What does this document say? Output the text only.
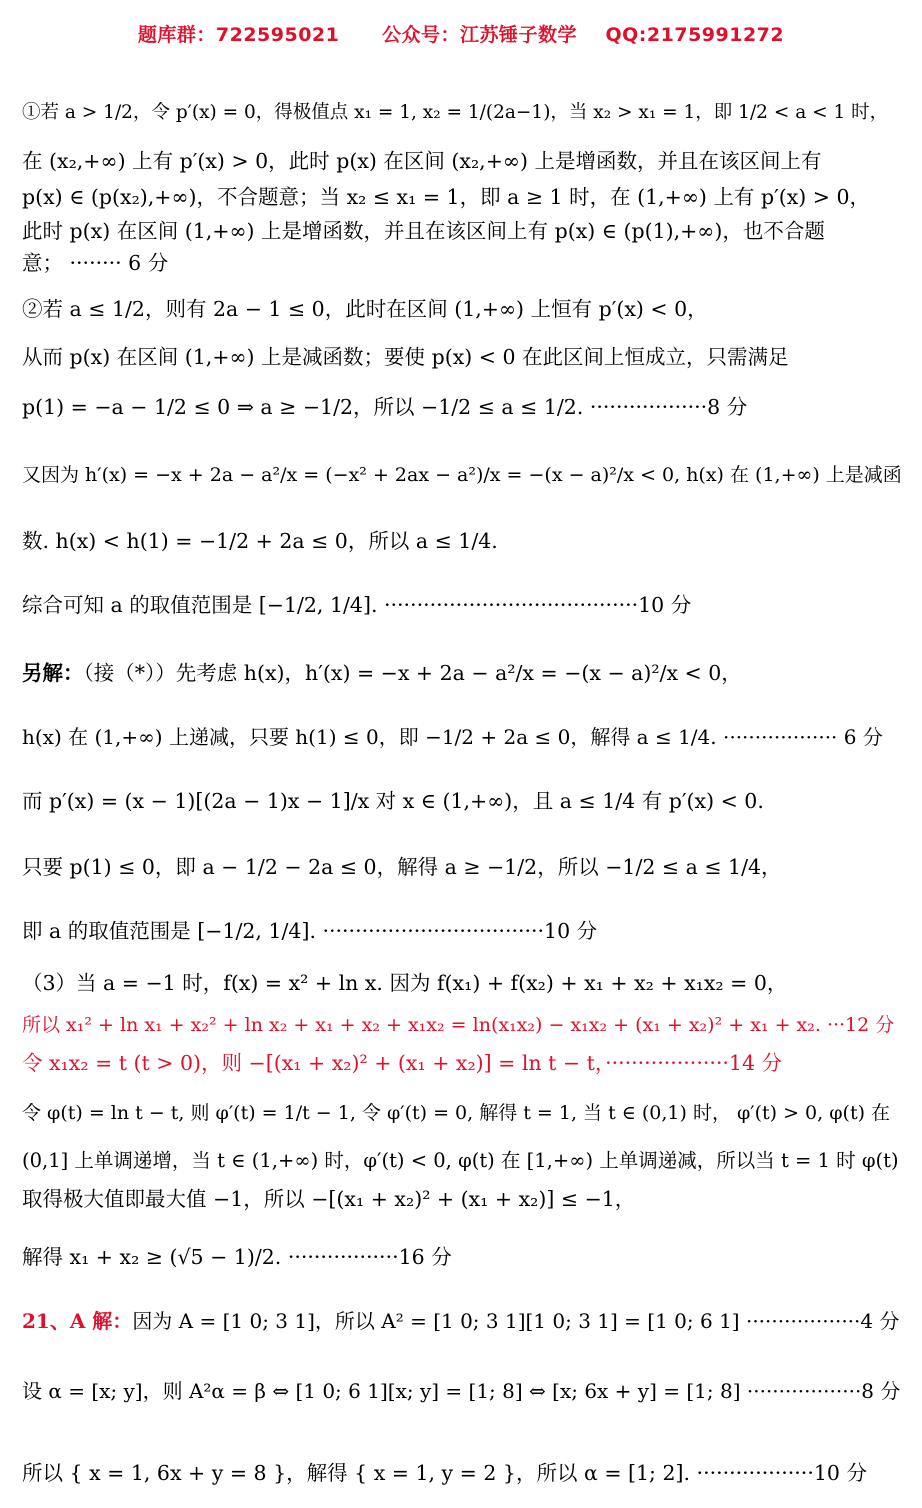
题库群：722595021      公众号：江苏锤子数学    QQ:2175991272
①若 a > 1/2，令 p′(x) = 0，得极值点 x₁ = 1, x₂ = 1/(2a−1)，当 x₂ > x₁ = 1，即 1/2 < a < 1 时，
在 (x₂,+∞) 上有 p′(x) > 0，此时 p(x) 在区间 (x₂,+∞) 上是增函数，并且在该区间上有
p(x) ∈ (p(x₂),+∞)，不合题意；当 x₂ ≤ x₁ = 1，即 a ≥ 1 时，在 (1,+∞) 上有 p′(x) > 0，
此时 p(x) 在区间 (1,+∞) 上是增函数，并且在该区间上有 p(x) ∈ (p(1),+∞)，也不合题
意； ········ 6 分
②若 a ≤ 1/2，则有 2a − 1 ≤ 0，此时在区间 (1,+∞) 上恒有 p′(x) < 0，
从而 p(x) 在区间 (1,+∞) 上是减函数；要使 p(x) < 0 在此区间上恒成立，只需满足
p(1) = −a − 1/2 ≤ 0 ⇒ a ≥ −1/2，所以 −1/2 ≤ a ≤ 1/2. ··················8 分
又因为 h′(x) = −x + 2a − a²/x = (−x² + 2ax − a²)/x = −(x − a)²/x < 0, h(x) 在 (1,+∞) 上是减函
数. h(x) < h(1) = −1/2 + 2a ≤ 0，所以 a ≤ 1/4.
综合可知 a 的取值范围是 [−1/2, 1/4]. ·······································10 分
另解：（接（*））先考虑 h(x)，h′(x) = −x + 2a − a²/x = −(x − a)²/x < 0，
h(x) 在 (1,+∞) 上递减，只要 h(1) ≤ 0，即 −1/2 + 2a ≤ 0，解得 a ≤ 1/4. ·················· 6 分
而 p′(x) = (x − 1)[(2a − 1)x − 1]/x 对 x ∈ (1,+∞)，且 a ≤ 1/4 有 p′(x) < 0.
只要 p(1) ≤ 0，即 a − 1/2 − 2a ≤ 0，解得 a ≥ −1/2，所以 −1/2 ≤ a ≤ 1/4，
即 a 的取值范围是 [−1/2, 1/4]. ··································10 分
（3）当 a = −1 时，f(x) = x² + ln x. 因为 f(x₁) + f(x₂) + x₁ + x₂ + x₁x₂ = 0，
所以 x₁² + ln x₁ + x₂² + ln x₂ + x₁ + x₂ + x₁x₂ = ln(x₁x₂) − x₁x₂ + (x₁ + x₂)² + x₁ + x₂. ···12 分
令 x₁x₂ = t (t > 0)，则 −[(x₁ + x₂)² + (x₁ + x₂)] = ln t − t，···················14 分
令 φ(t) = ln t − t, 则 φ′(t) = 1/t − 1, 令 φ′(t) = 0, 解得 t = 1, 当 t ∈ (0,1) 时， φ′(t) > 0, φ(t) 在
(0,1] 上单调递增，当 t ∈ (1,+∞) 时，φ′(t) < 0, φ(t) 在 [1,+∞) 上单调递减，所以当 t = 1 时 φ(t)
取得极大值即最大值 −1，所以 −[(x₁ + x₂)² + (x₁ + x₂)] ≤ −1，
解得 x₁ + x₂ ≥ (√5 − 1)/2. ·················16 分
21、A 解：因为 A = [1 0; 3 1]，所以 A² = [1 0; 3 1][1 0; 3 1] = [1 0; 6 1] ··················4 分
设 α = [x; y]，则 A²α = β ⇔ [1 0; 6 1][x; y] = [1; 8] ⇔ [x; 6x + y] = [1; 8] ··················8 分
所以 { x = 1, 6x + y = 8 }，解得 { x = 1, y = 2 }，所以 α = [1; 2]. ··················10 分
